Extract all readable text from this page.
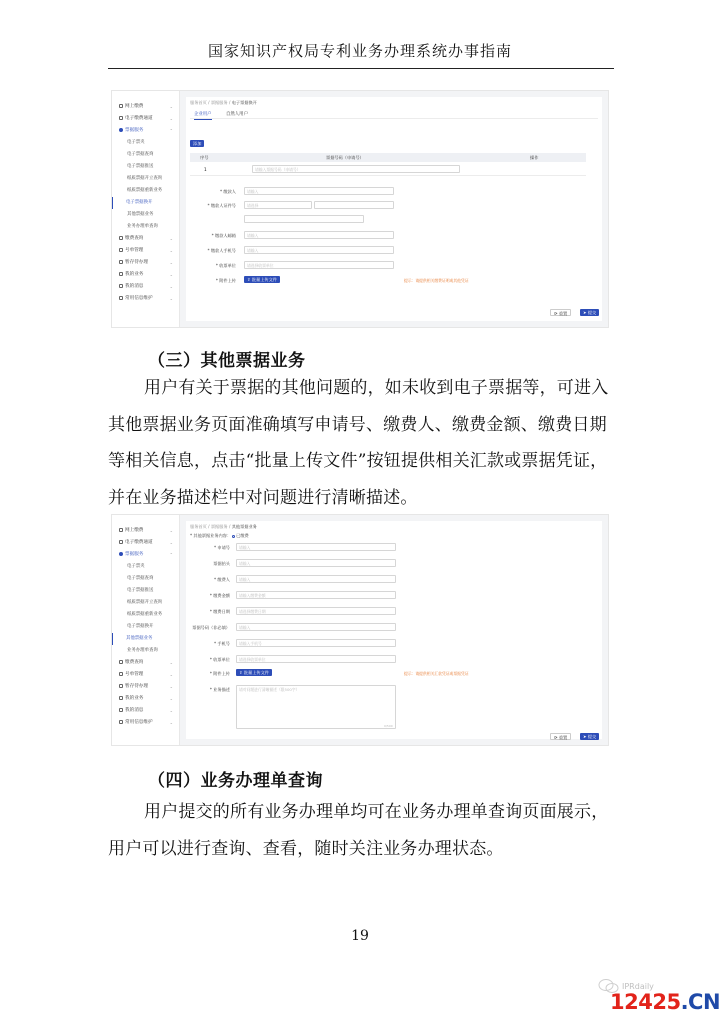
国家知识产权局专利业务办理系统办事指南
网上缴费	⌄
电子缴费通道	⌄
票据服务	⌃
电子票夹
电子票据查询
电子票据推送
纸质票据开立查询
纸质票据重新业务
电子票据换开
其他票据业务
业务办理单查询
缴费查询	⌄
号单管理	⌄
暂存待办理	⌄
我的业务	⌄
我的消息	⌄
常用信息维护	⌄
服务首页 / 票据服务 / 电子票据换开
企业用户	自然人用户
添加
序号	票据号码（申请号）	操作
1	请输入票据号码（申请号）
* 缴款人	请输入
* 缴款人证件号	请选择
* 缴款人邮箱	请输入
* 缴款人手机号	请输入
* 收票单位	请选择收票单位
* 附件上传	⇪ 批量上传文件	提示：请提供相关缴费证明或其他凭证
⟳ 重置	➤ 提交
（三）其他票据业务

用户有关于票据的其他问题的，如未收到电子票据等，可进入其他票据业务页面准确填写申请号、缴费人、缴费金额、缴费日期等相关信息，点击“批量上传文件”按钮提供相关汇款或票据凭证，并在业务描述栏中对问题进行清晰描述。

网上缴费	⌄
电子缴费通道	⌄
票据服务	⌃
电子票夹
电子票据查询
电子票据推送
纸质票据开立查询
纸质票据重新业务
电子票据换开
其他票据业务
业务办理单查询
缴费查询	⌄
号单管理	⌄
暂存待办理	⌄
我的业务	⌄
我的消息	⌄
常用信息维护	⌄
服务首页 / 票据服务 / 其他票据业务
* 其他票据业务内容： 已缴费
* 申请号	请输入
票据抬头	请输入
* 缴费人	请输入
* 缴费金额	请输入缴费金额
* 缴费日期	请选择缴费日期
票据号码（非必填）	请输入
* 手机号	请输入手机号
* 收票单位	请选择收票单位
* 附件上传	⇪ 批量上传文件	提示：请提供相关汇款凭证或票据凭证
* 业务描述	请对问题进行清晰描述（限500字）
0/500
⟳ 重置	➤ 提交
（四）业务办理单查询

用户提交的所有业务办理单均可在业务办理单查询页面展示，用户可以进行查询、查看，随时关注业务办理状态。

19
IPRdaily
12425.CN
